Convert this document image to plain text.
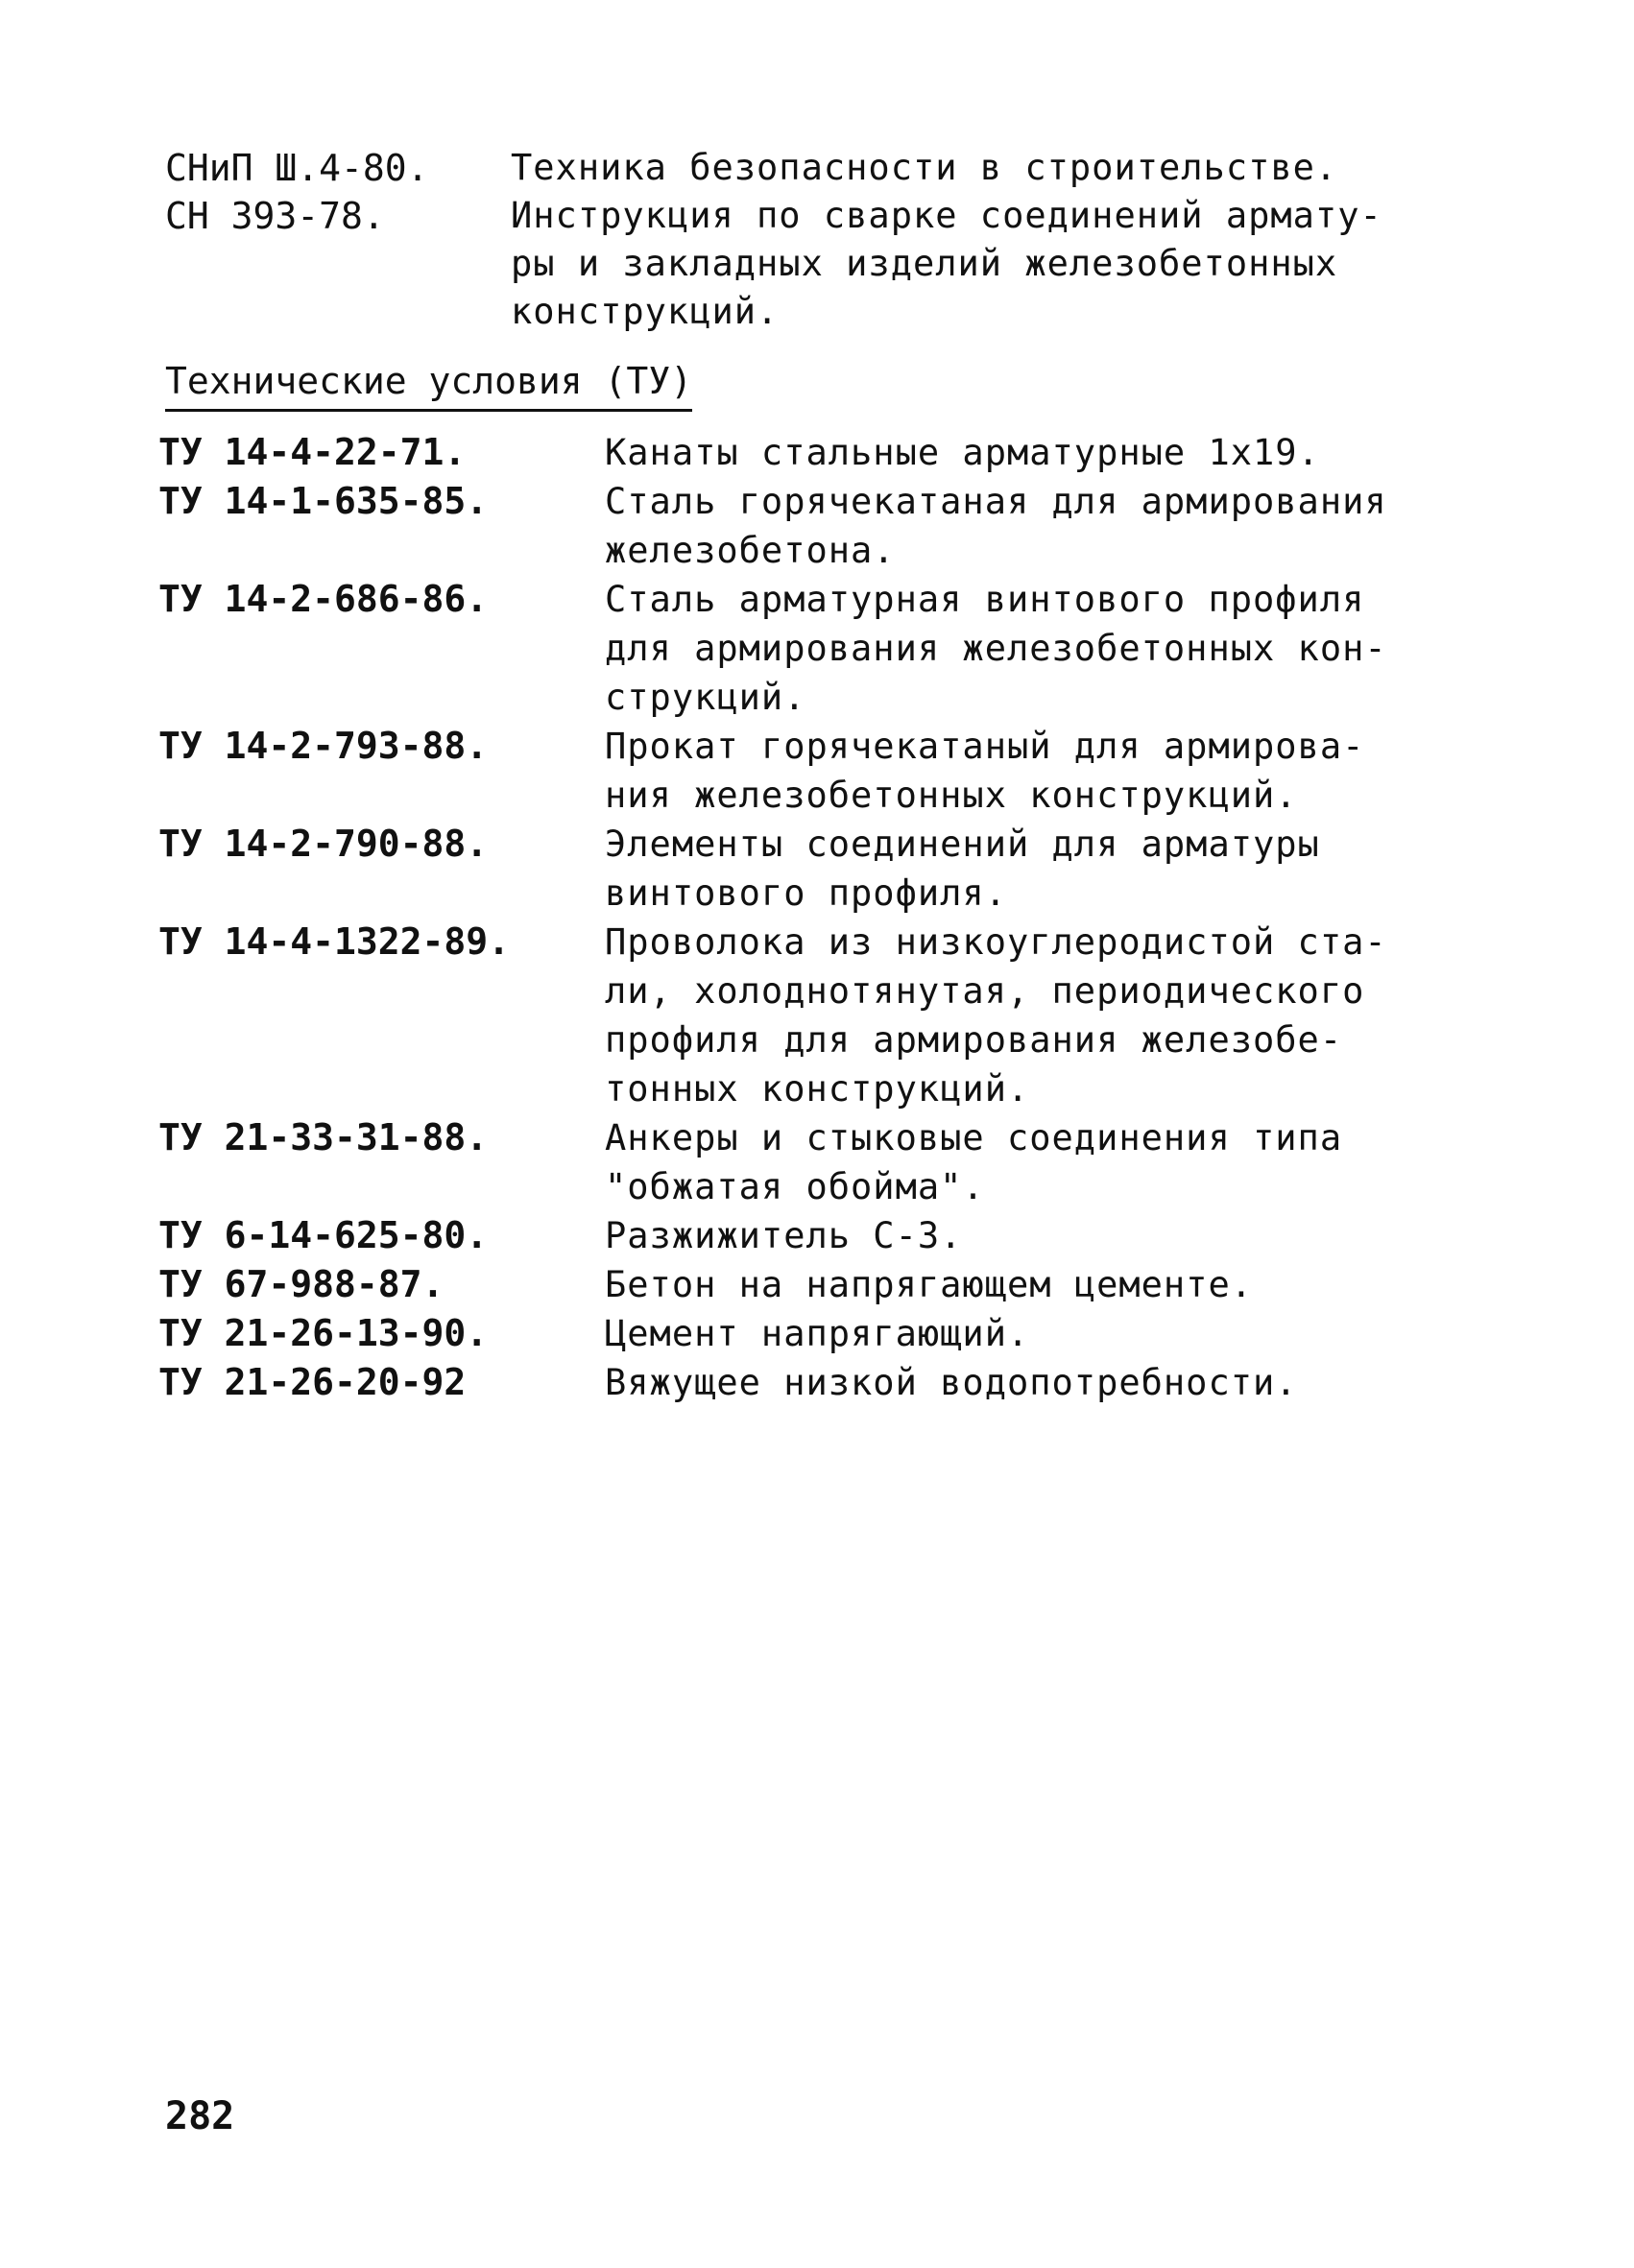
СНиП Ш.4-80.	Техника безопасности в строительстве.
СН 393-78.	Инструкция по сварке соединений армату-
ры и закладных изделий железобетонных
конструкций.
Технические условия (ТУ)
ТУ 14-4-22-71.	Канаты стальные арматурные 1х19.
ТУ 14-1-635-85.	Сталь горячекатаная для армирования
железобетона.
ТУ 14-2-686-86.	Сталь арматурная винтового профиля
для армирования железобетонных кон-
струкций.
ТУ 14-2-793-88.	Прокат горячекатаный для армирова-
ния железобетонных конструкций.
ТУ 14-2-790-88.	Элементы соединений для арматуры
винтового профиля.
ТУ 14-4-1322-89.	Проволока из низкоуглеродистой ста-
ли, холоднотянутая, периодического
профиля для армирования железобе-
тонных конструкций.
ТУ 21-33-31-88.	Анкеры и стыковые соединения типа
"обжатая обойма".
ТУ 6-14-625-80.	Разжижитель С-3.
ТУ 67-988-87.	Бетон на напрягающем цементе.
ТУ 21-26-13-90.	Цемент напрягающий.
ТУ 21-26-20-92	Вяжущее низкой водопотребности.
282
